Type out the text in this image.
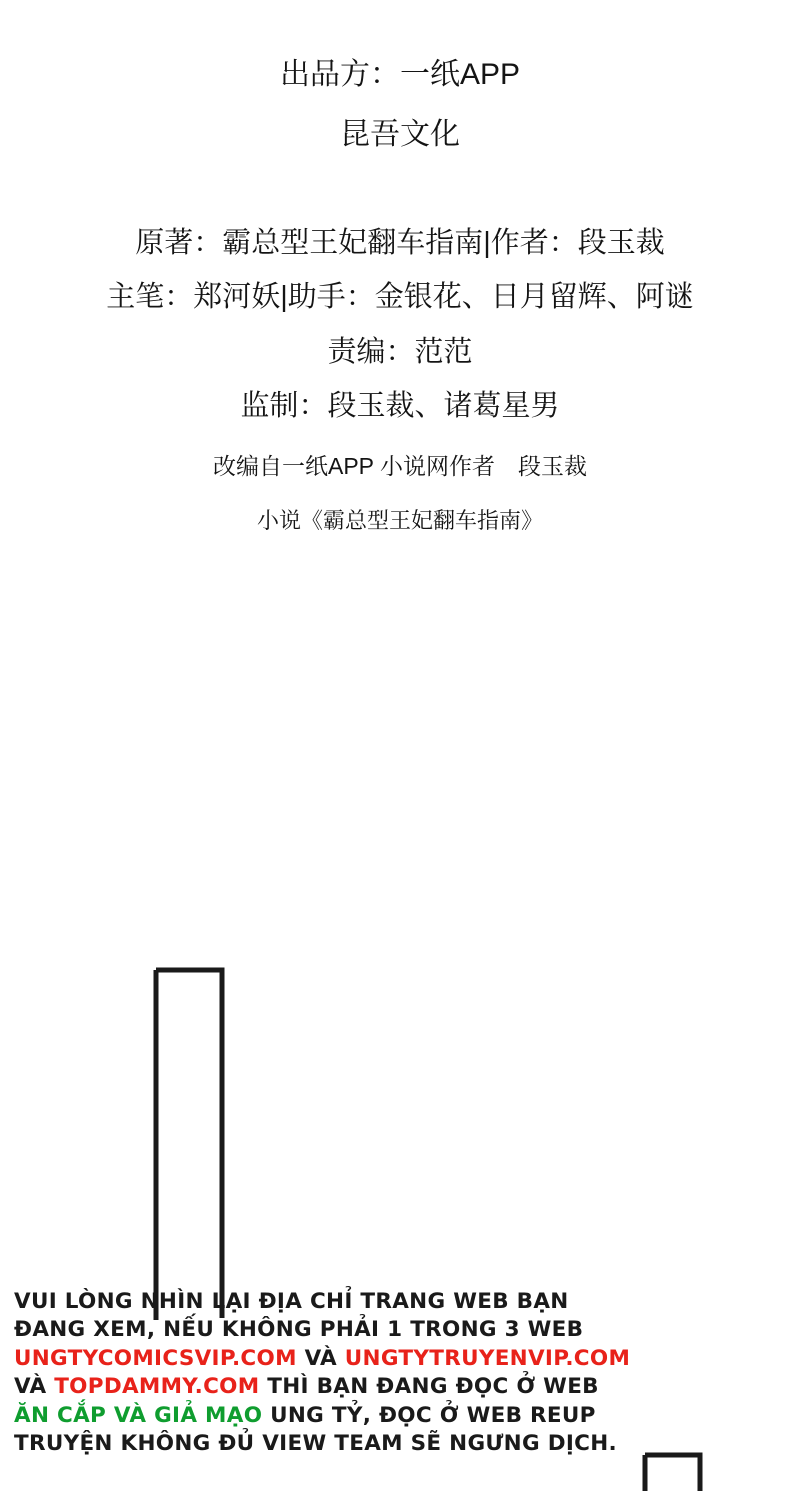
出品方：一纸APP
昆吾文化
原著：霸总型王妃翻车指南|作者：段玉裁
主笔：郑河妖|助手：金银花、日月留辉、阿谜
责编：范范
监制：段玉裁、诸葛星男
改编自一纸APP 小说网作者　段玉裁
小说《霸总型王妃翻车指南》
VUI LÒNG NHÌN LẠI ĐỊA CHỈ TRANG WEB BẠN
ĐANG XEM, NẾU KHÔNG PHẢI 1 TRONG 3 WEB
UNGTYCOMICSVIP.COM VÀ UNGTYTRUYENVIP.COM
VÀ TOPDAMMY.COM THÌ BẠN ĐANG ĐỌC Ở WEB
ĂN CẮP VÀ GIẢ MẠO UNG TỶ, ĐỌC Ở WEB REUP
TRUYỆN KHÔNG ĐỦ VIEW TEAM SẼ NGƯNG DỊCH.
